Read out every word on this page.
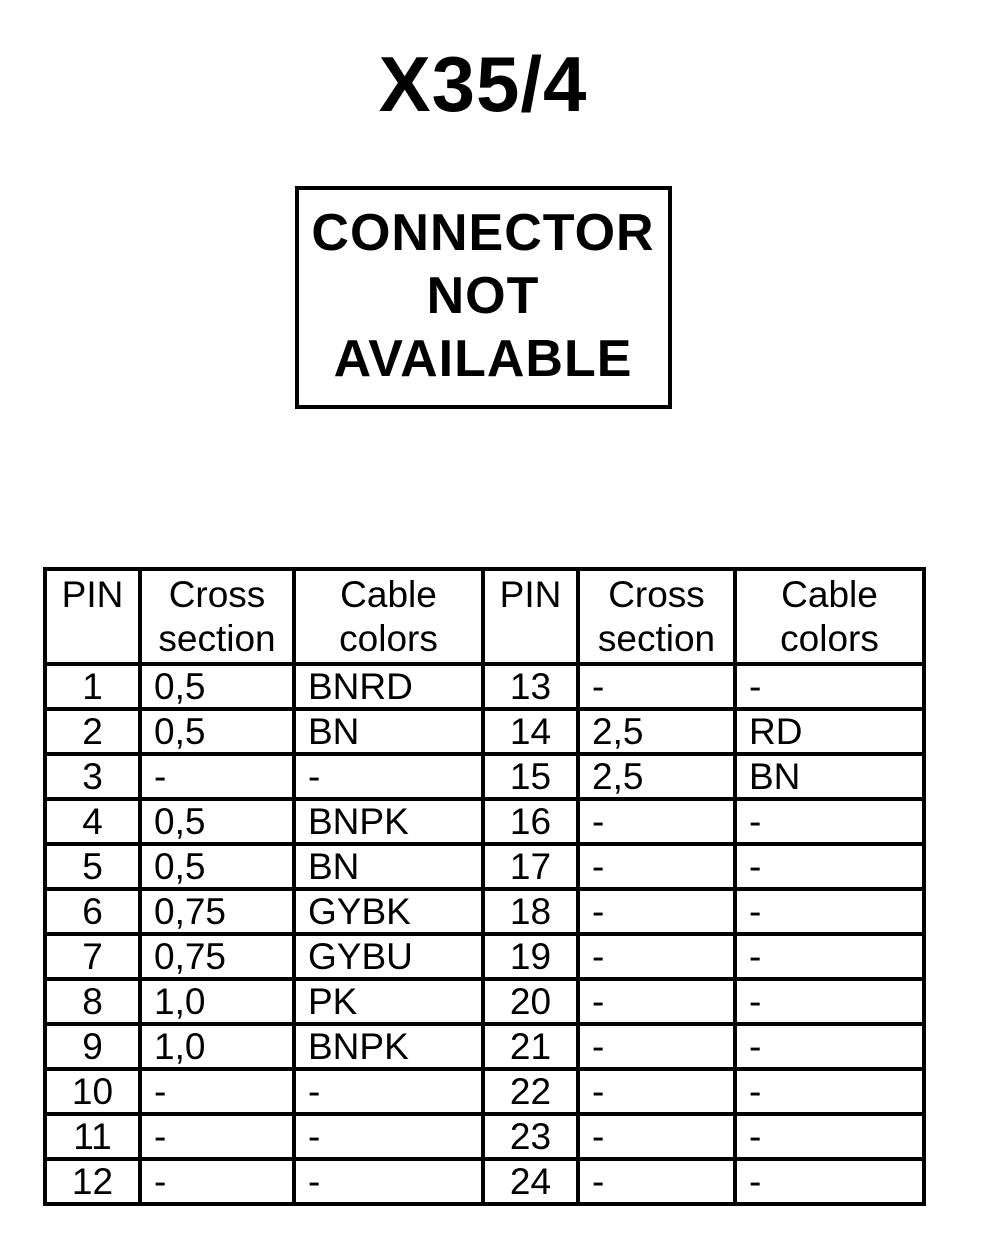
X35/4
CONNECTOR
NOT
AVAILABLE
PIN	Cross section	Cable colors	PIN	Cross section	Cable colors
1	0,5	BNRD	13	-	-
2	0,5	BN	14	2,5	RD
3	-	-	15	2,5	BN
4	0,5	BNPK	16	-	-
5	0,5	BN	17	-	-
6	0,75	GYBK	18	-	-
7	0,75	GYBU	19	-	-
8	1,0	PK	20	-	-
9	1,0	BNPK	21	-	-
10	-	-	22	-	-
11	-	-	23	-	-
12	-	-	24	-	-
